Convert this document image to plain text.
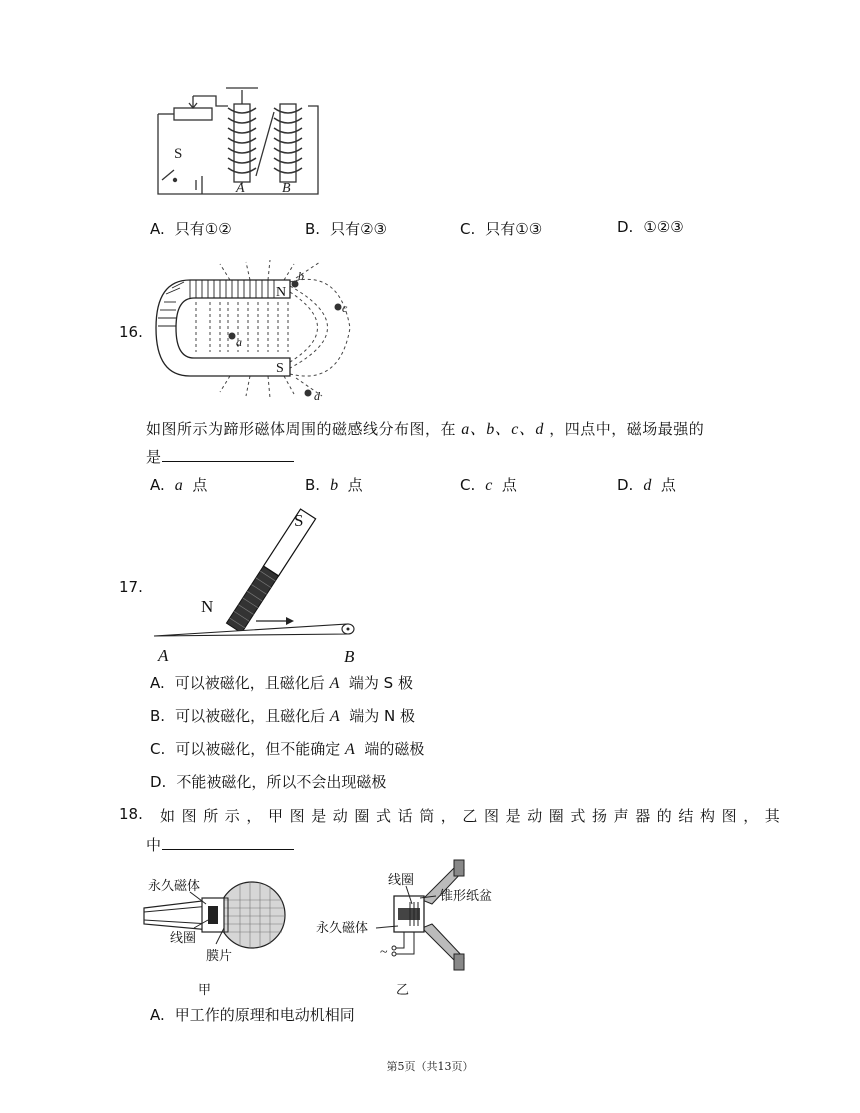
S
A	B
A. 只有①②	B. 只有②③	C. 只有①③	D. ①②③
16.
N
S
a
b
c
d
如图所示为蹄形磁体周围的磁感线分布图，在 a、b、c、d ，四点中，磁场最强的
是
A. a 点	B. b 点	C. c 点	D. d 点
17.
S
N
A	B
A. 可以被磁化，且磁化后 A 端为 S 极
B. 可以被磁化，且磁化后 A 端为 N 极
C. 可以被磁化，但不能确定 A 端的磁极
D. 不能被磁化，所以不会出现磁极
18. 如图所示，甲图是动圈式话筒，乙图是动圈式扬声器的结构图，其
中
永久磁体
线圈
膜片
甲
线圈
锥形纸盆
永久磁体
~
乙
A. 甲工作的原理和电动机相同
第5页（共13页）
